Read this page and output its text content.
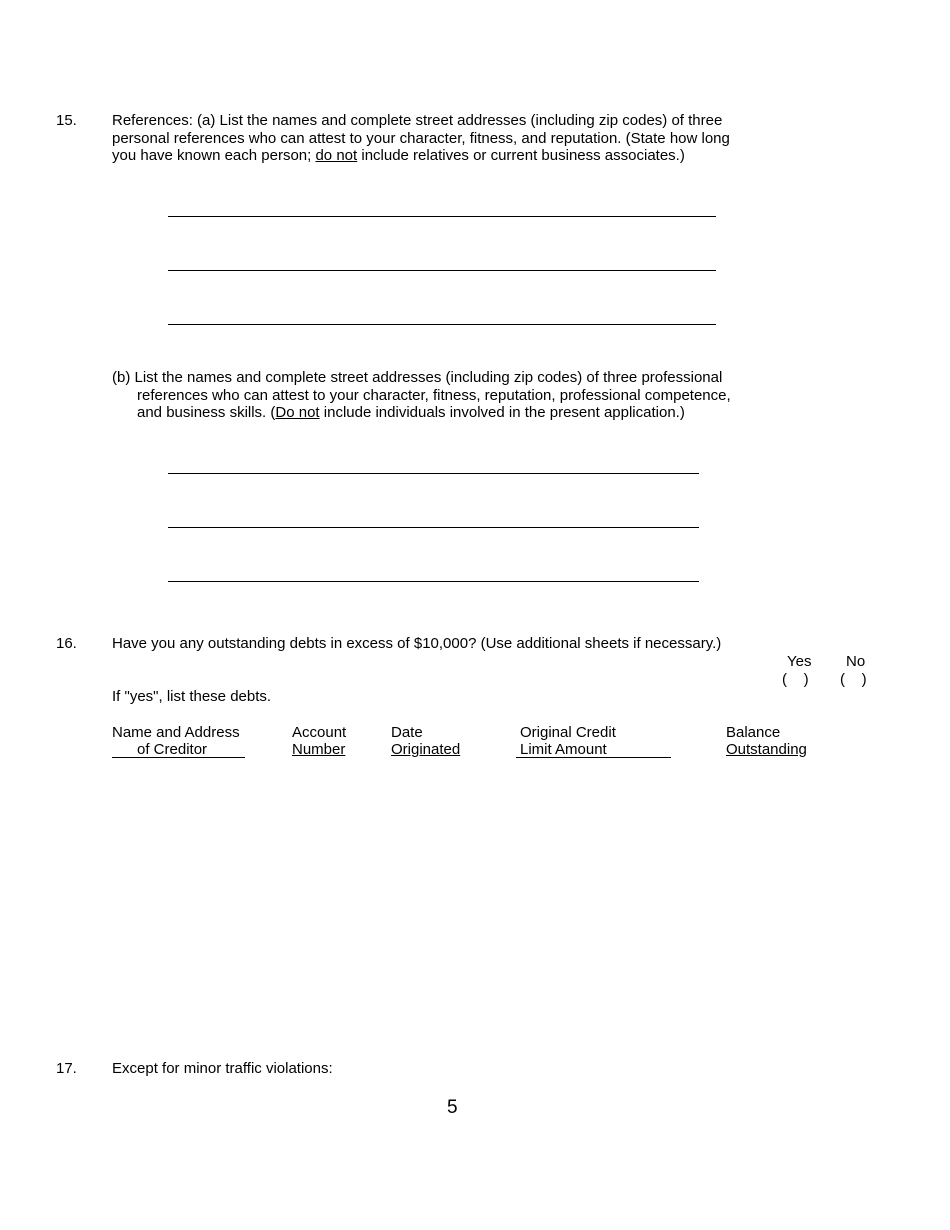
15. References: (a) List the names and complete street addresses (including zip codes) of three
personal references who can attest to your character, fitness, and reputation. (State how long
you have known each person; do not include relatives or current business associates.)
(b) List the names and complete street addresses (including zip codes) of three professional
references who can attest to your character, fitness, reputation, professional competence,
and business skills. (Do not include individuals involved in the present application.)
16. Have you any outstanding debts in excess of $10,000? (Use additional sheets if necessary.)
Yes No
(    ) (    )
If "yes", list these debts.
Name and Address
of Creditor
Account
Number
Date
Originated
Original Credit
Limit Amount
Balance
Outstanding
17. Except for minor traffic violations:
5
